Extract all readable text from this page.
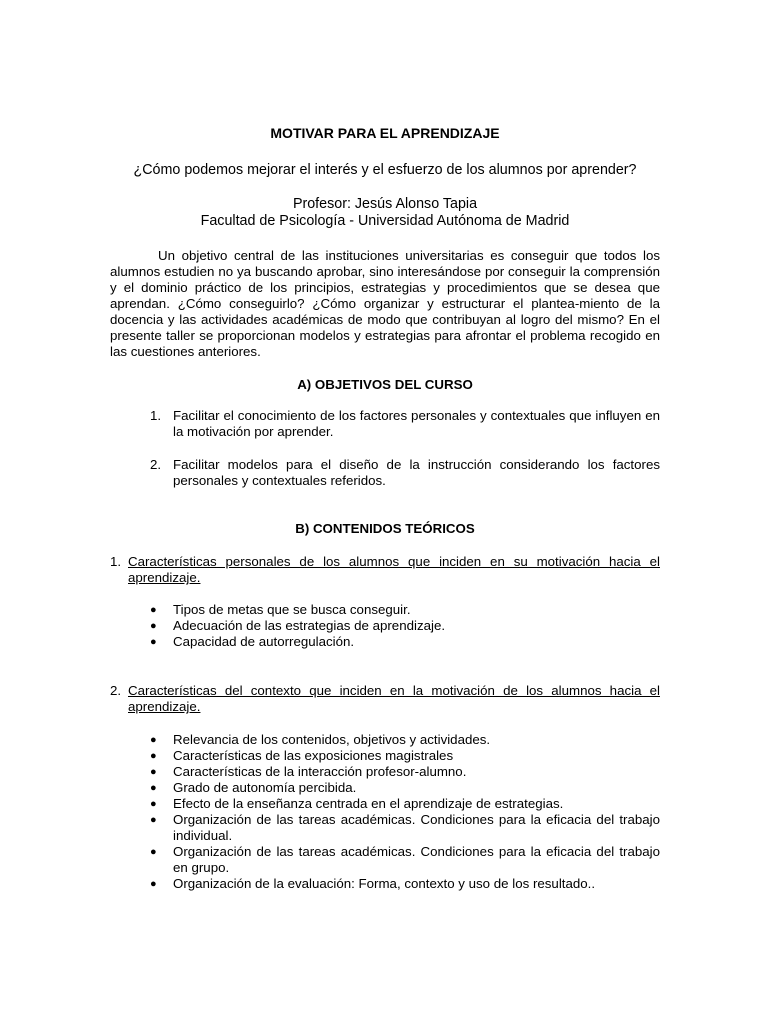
MOTIVAR PARA EL APRENDIZAJE
¿Cómo podemos mejorar el interés y el esfuerzo de los alumnos por aprender?
Profesor: Jesús Alonso Tapia
Facultad de Psicología - Universidad Autónoma de Madrid
Un objetivo central de las instituciones universitarias es conseguir que todos los alumnos estudien no ya buscando aprobar, sino interesándose por conseguir la comprensión y el dominio práctico de los principios, estrategias y procedimientos que se desea que aprendan. ¿Cómo conseguirlo? ¿Cómo organizar y estructurar el plantea-miento de la docencia y las actividades académicas de modo que contribuyan al logro del mismo? En el presente taller se proporcionan modelos y estrategias para afrontar el problema recogido en las cuestiones anteriores.
A) OBJETIVOS DEL CURSO
1. Facilitar el conocimiento de los factores personales y contextuales que influyen en la motivación por aprender.
2. Facilitar modelos para el diseño de la instrucción considerando los factores personales y contextuales referidos.
B) CONTENIDOS TEÓRICOS
1. Características personales de los alumnos que inciden en su motivación hacia el aprendizaje.
● Tipos de metas que se busca conseguir.
● Adecuación de las estrategias de aprendizaje.
● Capacidad de autorregulación.
2. Características del contexto que inciden en la motivación de los alumnos hacia el aprendizaje.
● Relevancia de los contenidos, objetivos y actividades.
● Características de las exposiciones magistrales
● Características de la interacción profesor-alumno.
● Grado de autonomía percibida.
● Efecto de la enseñanza centrada en el aprendizaje de estrategias.
● Organización de las tareas académicas. Condiciones para la eficacia del trabajo individual.
● Organización de las tareas académicas. Condiciones para la eficacia del trabajo en grupo.
● Organización de la evaluación: Forma, contexto y uso de los resultado..
